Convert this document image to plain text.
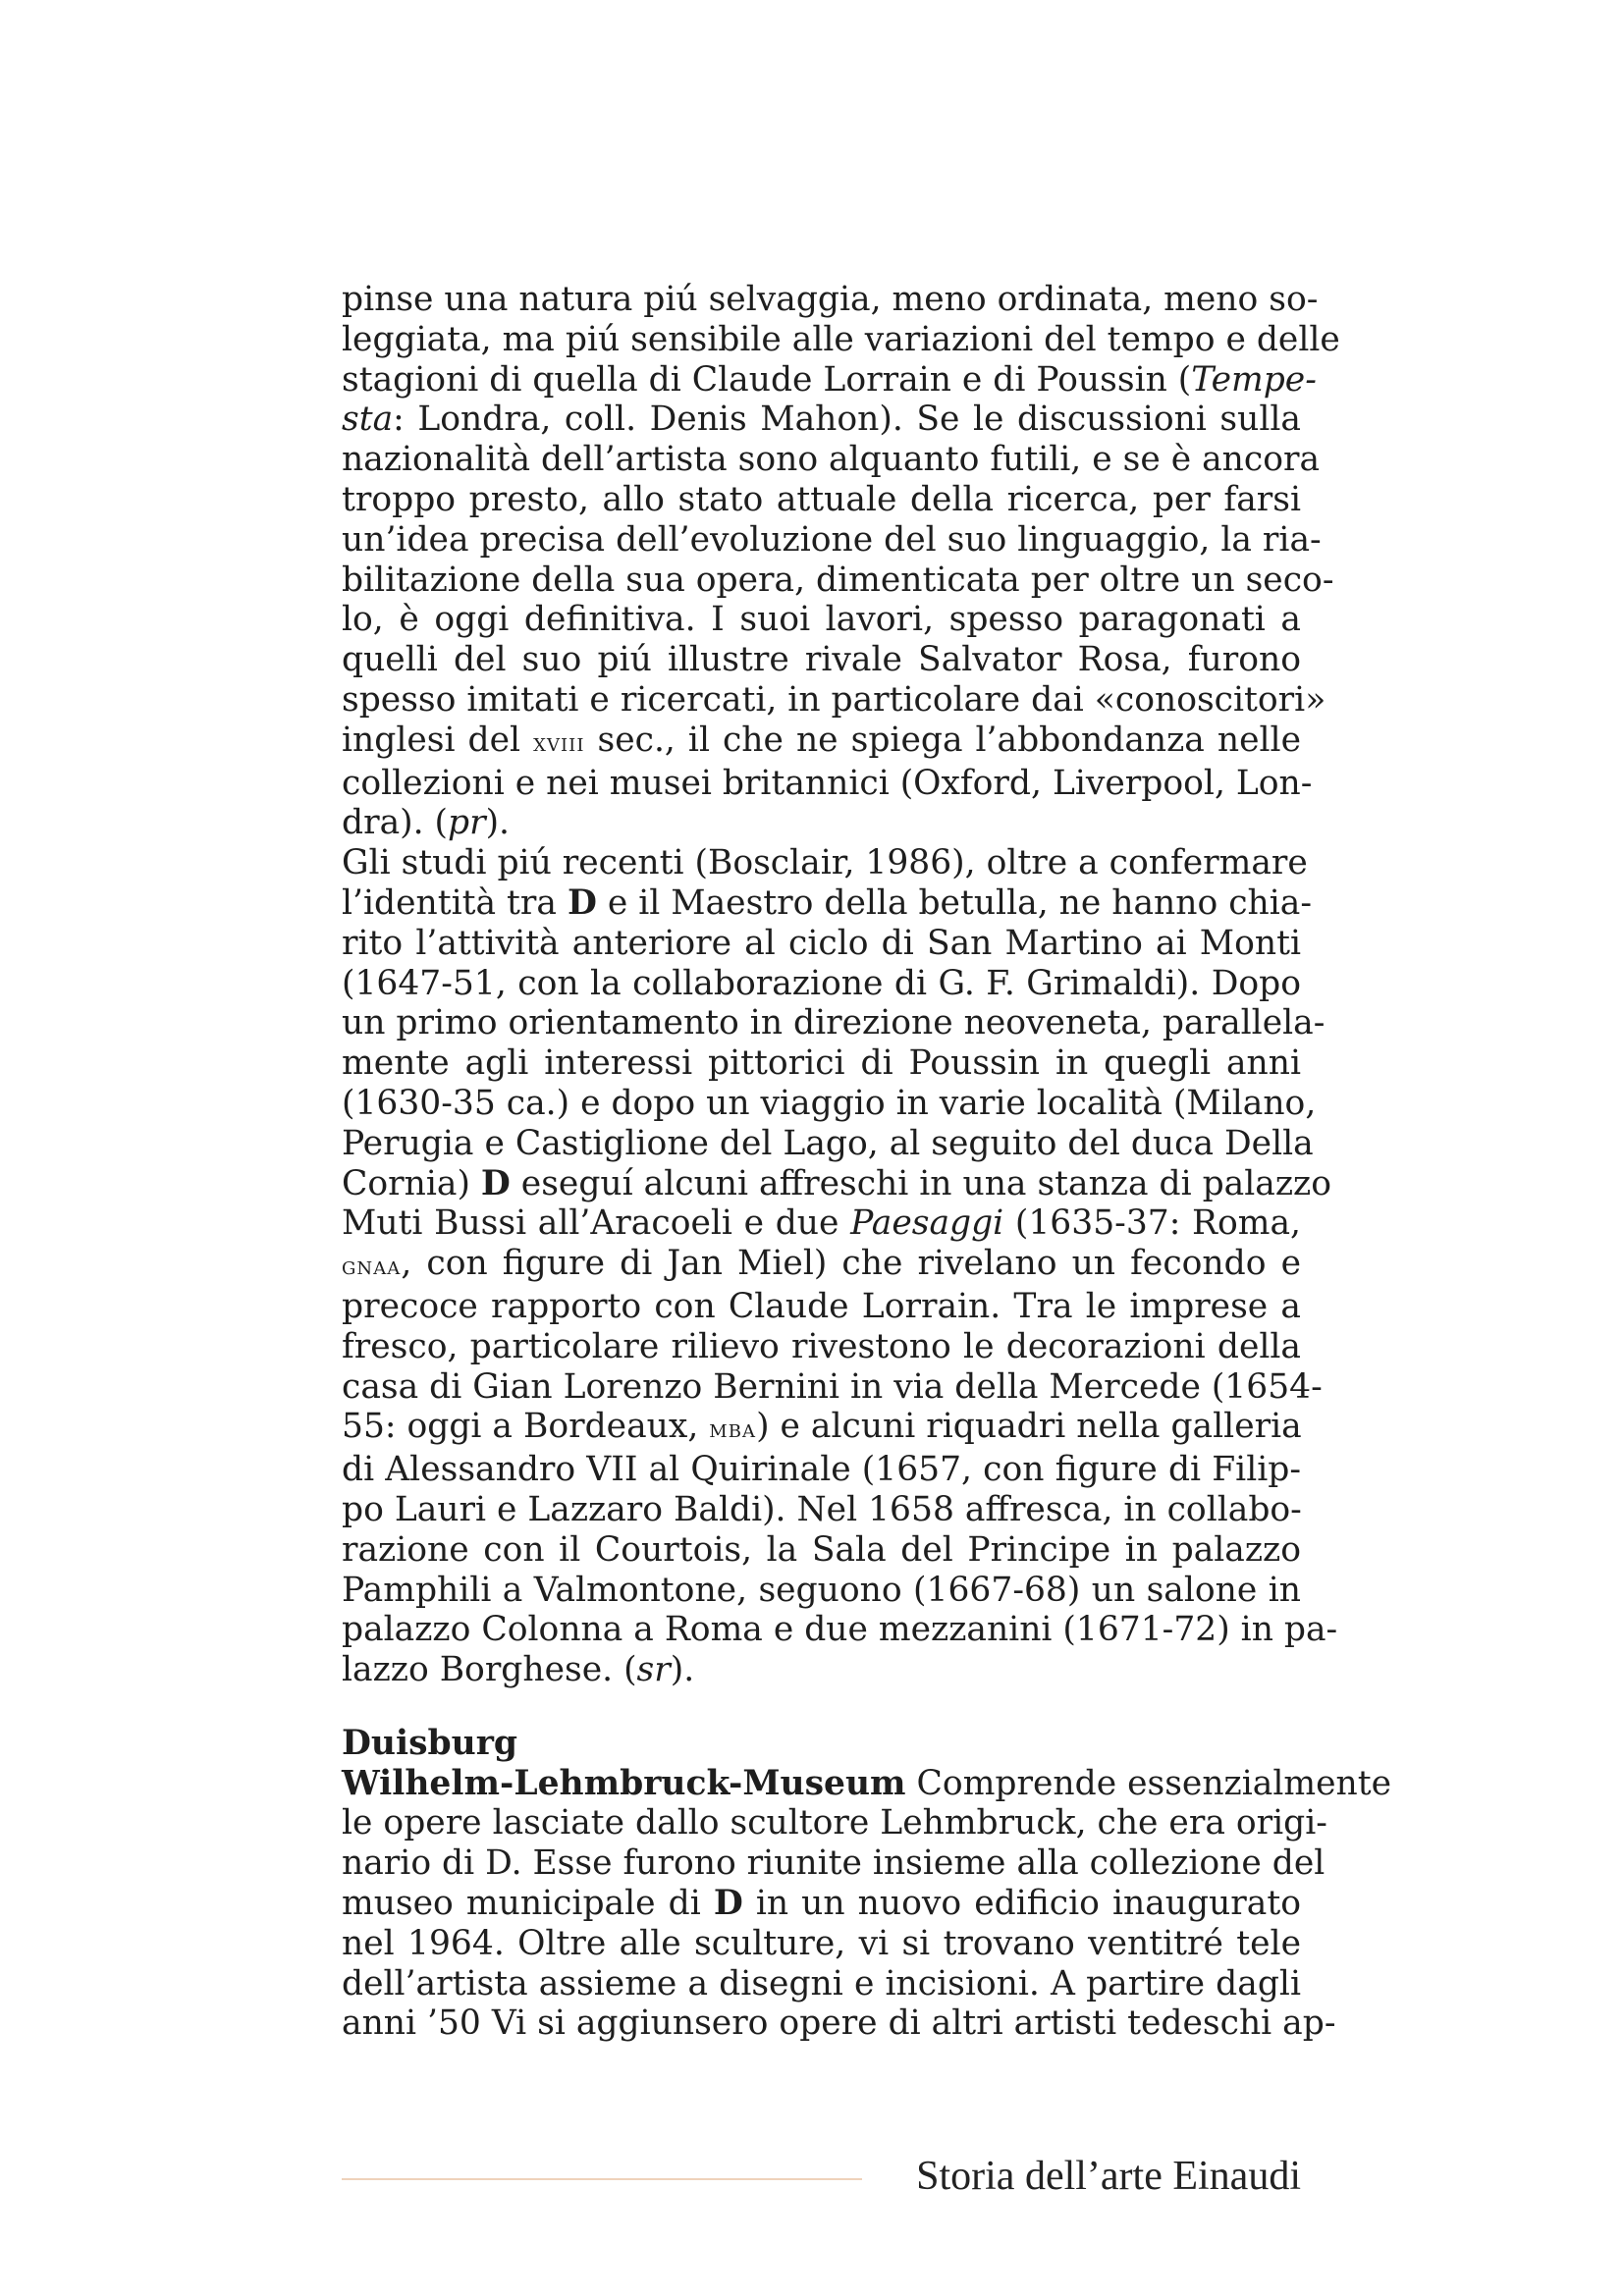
pinse una natura piú selvaggia, meno ordinata, meno so-
leggiata, ma piú sensibile alle variazioni del tempo e delle
stagioni di quella di Claude Lorrain e di Poussin (Tempe-
sta: Londra, coll. Denis Mahon). Se le discussioni sulla
nazionalità dell’artista sono alquanto futili, e se è ancora
troppo presto, allo stato attuale della ricerca, per farsi
un’idea precisa dell’evoluzione del suo linguaggio, la ria-
bilitazione della sua opera, dimenticata per oltre un seco-
lo, è oggi definitiva. I suoi lavori, spesso paragonati a
quelli del suo piú illustre rivale Salvator Rosa, furono
spesso imitati e ricercati, in particolare dai «conoscitori»
inglesi del xviii sec., il che ne spiega l’abbondanza nelle
collezioni e nei musei britannici (Oxford, Liverpool, Lon-
dra). (pr).

Gli studi piú recenti (Bosclair, 1986), oltre a confermare
l’identità tra D e il Maestro della betulla, ne hanno chia-
rito l’attività anteriore al ciclo di San Martino ai Monti
(1647-51, con la collaborazione di G. F. Grimaldi). Dopo
un primo orientamento in direzione neoveneta, parallela-
mente agli interessi pittorici di Poussin in quegli anni
(1630-35 ca.) e dopo un viaggio in varie località (Milano,
Perugia e Castiglione del Lago, al seguito del duca Della
Cornia) D eseguí alcuni affreschi in una stanza di palazzo
Muti Bussi all’Aracoeli e due Paesaggi (1635-37: Roma,
gnaa, con figure di Jan Miel) che rivelano un fecondo e
precoce rapporto con Claude Lorrain. Tra le imprese a
fresco, particolare rilievo rivestono le decorazioni della
casa di Gian Lorenzo Bernini in via della Mercede (1654-
55: oggi a Bordeaux, mba) e alcuni riquadri nella galleria
di Alessandro VII al Quirinale (1657, con figure di Filip-
po Lauri e Lazzaro Baldi). Nel 1658 affresca, in collabo-
razione con il Courtois, la Sala del Principe in palazzo
Pamphili a Valmontone, seguono (1667-68) un salone in
palazzo Colonna a Roma e due mezzanini (1671-72) in pa-
lazzo Borghese. (sr).

Duisburg

Wilhelm-Lehmbruck-Museum Comprende essenzialmente
le opere lasciate dallo scultore Lehmbruck, che era origi-
nario di D. Esse furono riunite insieme alla collezione del
museo municipale di D in un nuovo edificio inaugurato
nel 1964. Oltre alle sculture, vi si trovano ventitré tele
dell’artista assieme a disegni e incisioni. A partire dagli
anni ’50 Vi si aggiunsero opere di altri artisti tedeschi ap-

Storia dell’arte Einaudi
